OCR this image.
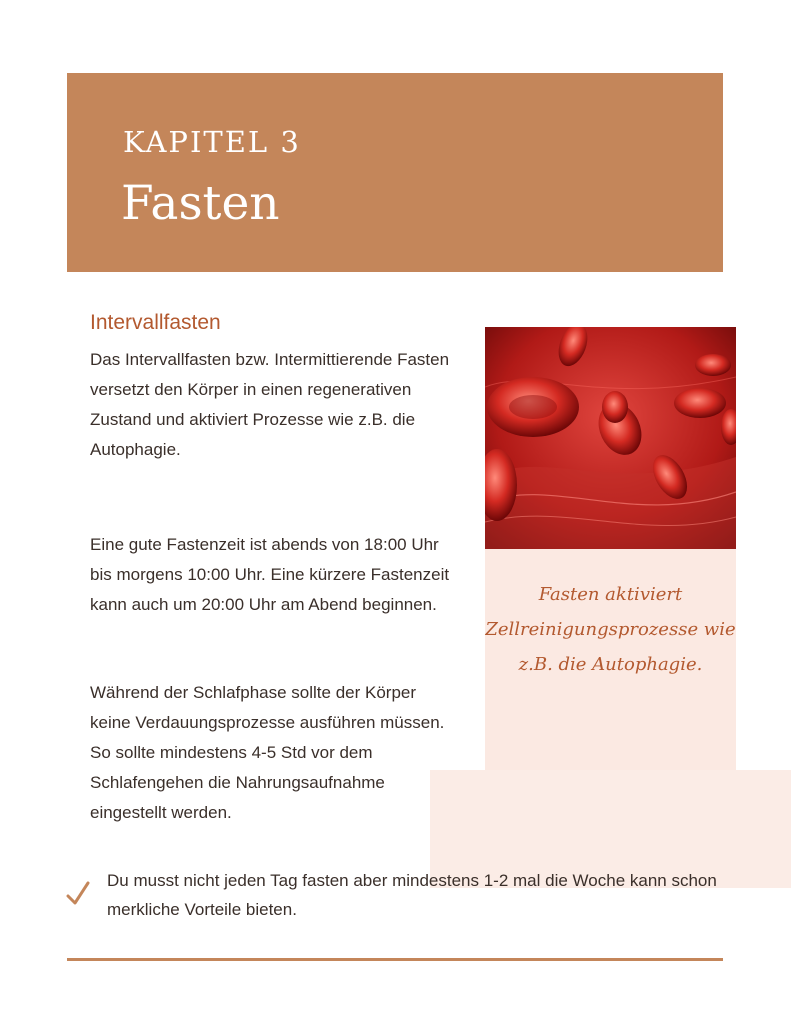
KAPITEL 3
Fasten
Intervallfasten
Das Intervallfasten bzw. Intermittierende Fasten versetzt den Körper in einen regenerativen Zustand und aktiviert Prozesse wie z.B. die Autophagie.
Eine gute Fastenzeit ist abends von 18:00 Uhr bis morgens 10:00 Uhr. Eine kürzere Fastenzeit kann auch um 20:00 Uhr am Abend beginnen.
Während der Schlafphase sollte der Körper keine Verdauungsprozesse ausführen müssen. So sollte mindestens 4-5 Std vor dem Schlafengehen die Nahrungsaufnahme eingestellt werden.
Fasten aktiviert Zellreinigungsprozesse wie z.B. die Autophagie.
Du musst nicht jeden Tag fasten aber mindestens 1-2 mal die Woche kann schon merkliche Vorteile bieten.
